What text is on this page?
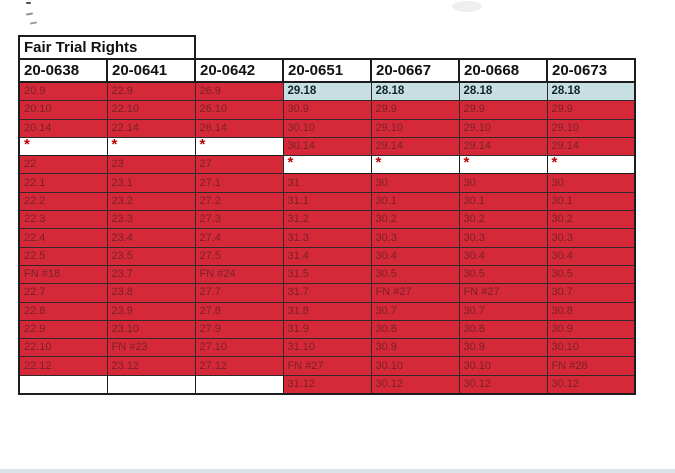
Fair Trial Rights						
20-0638	20-0641	20-0642	20-0651	20-0667	20-0668	20-0673
20.9	22.9	26.9	29.18	28.18	28.18	28.18
20.10	22.10	26.10	30.9	29.9	29.9	29.9
20.14	22.14	26.14	30.10	29.10	29.10	29.10
*	*	*	30.14	29.14	29.14	29.14
22	23	27	*	*	*	*
22.1	23.1	27.1	31	30	30	30
22.2	23.2	27.2	31.1	30.1	30.1	30.1
22.3	23.3	27.3	31.2	30.2	30.2	30.2
22.4	23.4	27.4	31.3	30.3	30.3	30.3
22.5	23.5	27.5	31.4	30.4	30.4	30.4
FN #18	23.7	FN #24	31.5	30.5	30.5	30.5
22.7	23.8	27.7	31.7	FN #27	FN #27	30.7
22.8	23.9	27.8	31.8	30.7	30.7	30.8
22.9	23.10	27.9	31.9	30.8	30.8	30.9
22.10	FN #23	27.10	31.10	30.9	30.9	30.10
22.12	23.12	27.12	FN #27	30.10	30.10	FN #28
			31.12	30.12	30.12	30.12
